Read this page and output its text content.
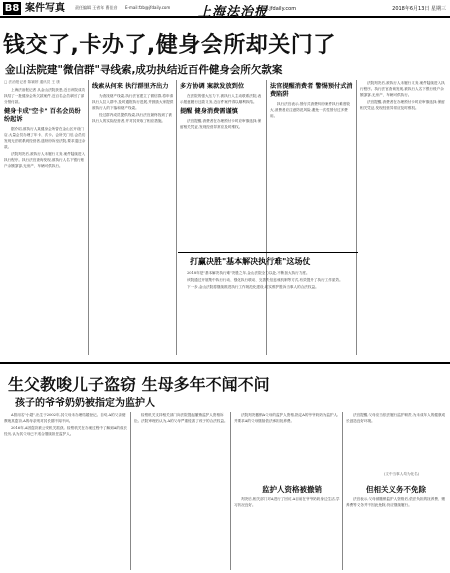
B8 案件写真	责任编辑 王省年 曹佳音 E-mail:fzb@jfdaily.com 上海法治报
www.jfdaily.com	2018年6月13日 星期三
钱交了,卡办了,健身会所却关门了
金山法院建"微信群"寻线索,成功执结近百件健身会所欠款案
□ 法治报记者 陈颖婷 通讯员 王 康

上海法治报记者 从金山法院获悉,近日该院成功执结了一批健身会所欠款案件,近百名会员拿回了部分预付款。

健身卡成"空卡" 百名会员纷纷起诉

据介绍,被执行人某健身会所曾在金山区开设门店,大量会员办理了年卡、次卡。会所关门后,会员们发现无法联系到经营者,遂纷纷诉至法院,要求退还余款。

法院判决后,被执行人未履行义务,案件陆续进入执行程序。执行法官查询发现,被执行人名下银行账户余额寥寥,无房产、车辆可供执行。

线索从何来 执行群里齐出力

为查找财产线索,执行法官建立了微信群,将申请执行人拉入群中,及时通报执行进展,并鼓励大家提供被执行人的下落和财产线索。

经过群内成员提供线索,执行法官最终找到了被执行人的实际经营者,并对其采取了相应措施。

多方协调 案款发放到位

在法院的强大压力下,被执行人主动联系法院,表示愿意履行还款义务,近百件案件得以顺利执结。

提醒 健身消费需谨慎

法官提醒,消费者在办理预付卡时应审慎选择,保留相关凭证,发现经营异常应及时维权。

法官提醒消费者 警惕预付式消费陷阱

执行法官表示,预付式消费纠纷案件执行难度较大,消费者应注意防范风险,避免一次性预付过多费用。

法院判决后,被执行人未履行义务,案件陆续进入执行程序。执行法官查询发现,被执行人名下银行账户余额寥寥,无房产、车辆可供执行。

法官提醒,消费者在办理预付卡时应审慎选择,保留相关凭证,发现经营异常应及时维权。

打赢决胜"基本解决执行难"这场仗

2018年是"基本解决执行难"决胜之年,金山法院全力以赴,不断加大执行力度。

该院通过开展集中执行行动、强化执行联动、完善失信惩戒机制等方式,有效提升了执行工作质效。

下一步,金山法院将继续推进执行工作规范化建设,切实维护胜诉当事人的合法权益。

生父教唆儿子盗窃 生母多年不闻不问
孩子的爷爷奶奶被指定为监护人

A曾用名"小超",出生于2002年,其父母未办理结婚登记。自幼,A的父亲便教唆其盗窃,A的母亲则对其长期不闻不问。

2016年,A因盗窃被公安机关抓获。检察机关在办案过程中了解到A的成长经历,认为其父母已不适合继续担任监护人。

检察机关支持相关部门向法院提起撤销监护人资格诉讼。法院审理后认为,A的父母严重侵害了孩子的合法权益。

法院判决撤销A父母的监护人资格,指定A的爷爷奶奶为监护人,并要求A的父母继续依法承担抚养费。

监护人资格被撤销

判决后,相关部门对A进行了回访,A目前在爷爷奶奶身边生活,学习状况良好。

法官提醒,父母应当依法履行监护职责,为未成年人的健康成长创造良好环境。

(文中当事人均为化名)
但相关义务不免除

法官表示,父母被撤销监护人资格后,依法负担的抚养费、赡养费等义务并不因此免除,仍应继续履行。
